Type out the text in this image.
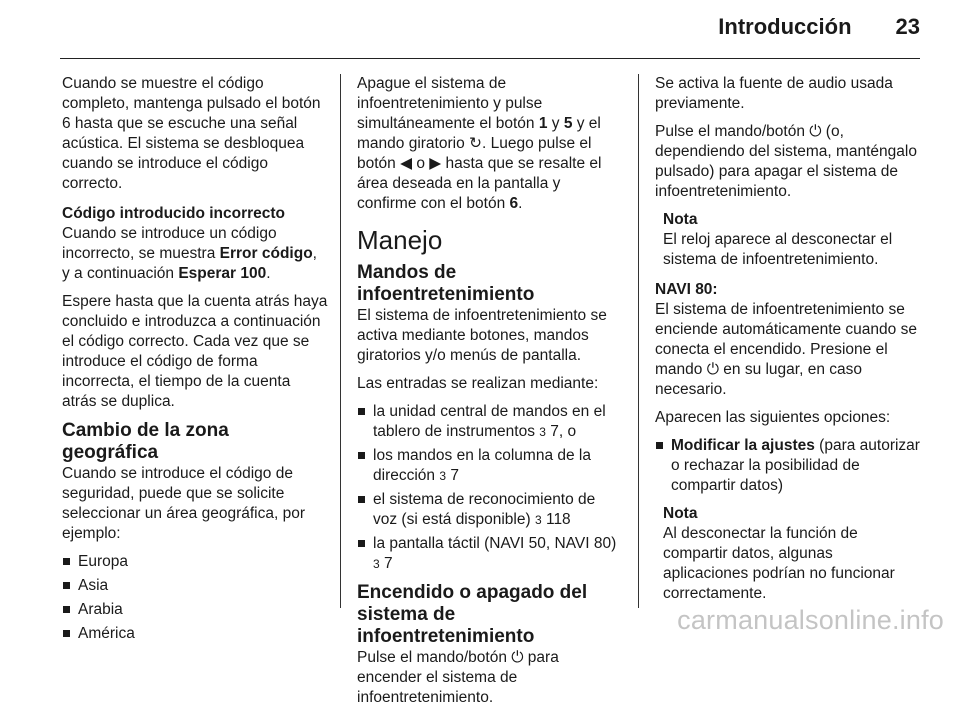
Introducción 23

Cuando se muestre el código completo, mantenga pulsado el botón 6 hasta que se escuche una señal acústica. El sistema se desbloquea cuando se introduce el código correcto.

Código introducido incorrecto

Cuando se introduce un código incorrecto, se muestra Error código, y a continuación Esperar 100.

Espere hasta que la cuenta atrás haya concluido e introduzca a continuación el código correcto. Cada vez que se introduce el código de forma incorrecta, el tiempo de la cuenta atrás se duplica.

Cambio de la zona geográfica

Cuando se introduce el código de seguridad, puede que se solicite seleccionar un área geográfica, por ejemplo:

Europa
Asia
Arabia
América

Apague el sistema de infoentretenimiento y pulse simultáneamente el botón 1 y 5 y el mando giratorio ↻. Luego pulse el botón ◀ o ▶ hasta que se resalte el área deseada en la pantalla y confirme con el botón 6.

Manejo
Mandos de infoentretenimiento

El sistema de infoentretenimiento se activa mediante botones, mandos giratorios y/o menús de pantalla.

Las entradas se realizan mediante:

la unidad central de mandos en el tablero de instrumentos 3 7, o
los mandos en la columna de la dirección 3 7
el sistema de reconocimiento de voz (si está disponible) 3 118
la pantalla táctil (NAVI 50, NAVI 80) 3 7
Encendido o apagado del sistema de infoentretenimiento

Pulse el mando/botón ⏻ para encender el sistema de infoentretenimiento.

Se activa la fuente de audio usada previamente.

Pulse el mando/botón ⏻ (o, dependiendo del sistema, manténgalo pulsado) para apagar el sistema de infoentretenimiento.

Nota
El reloj aparece al desconectar el sistema de infoentretenimiento.
NAVI 80:

El sistema de infoentretenimiento se enciende automáticamente cuando se conecta el encendido. Presione el mando ⏻ en su lugar, en caso necesario.

Aparecen las siguientes opciones:

Modificar la ajustes (para autorizar o rechazar la posibilidad de compartir datos)
Nota
Al desconectar la función de compartir datos, algunas aplicaciones podrían no funcionar correctamente.
carmanualsonline.info
